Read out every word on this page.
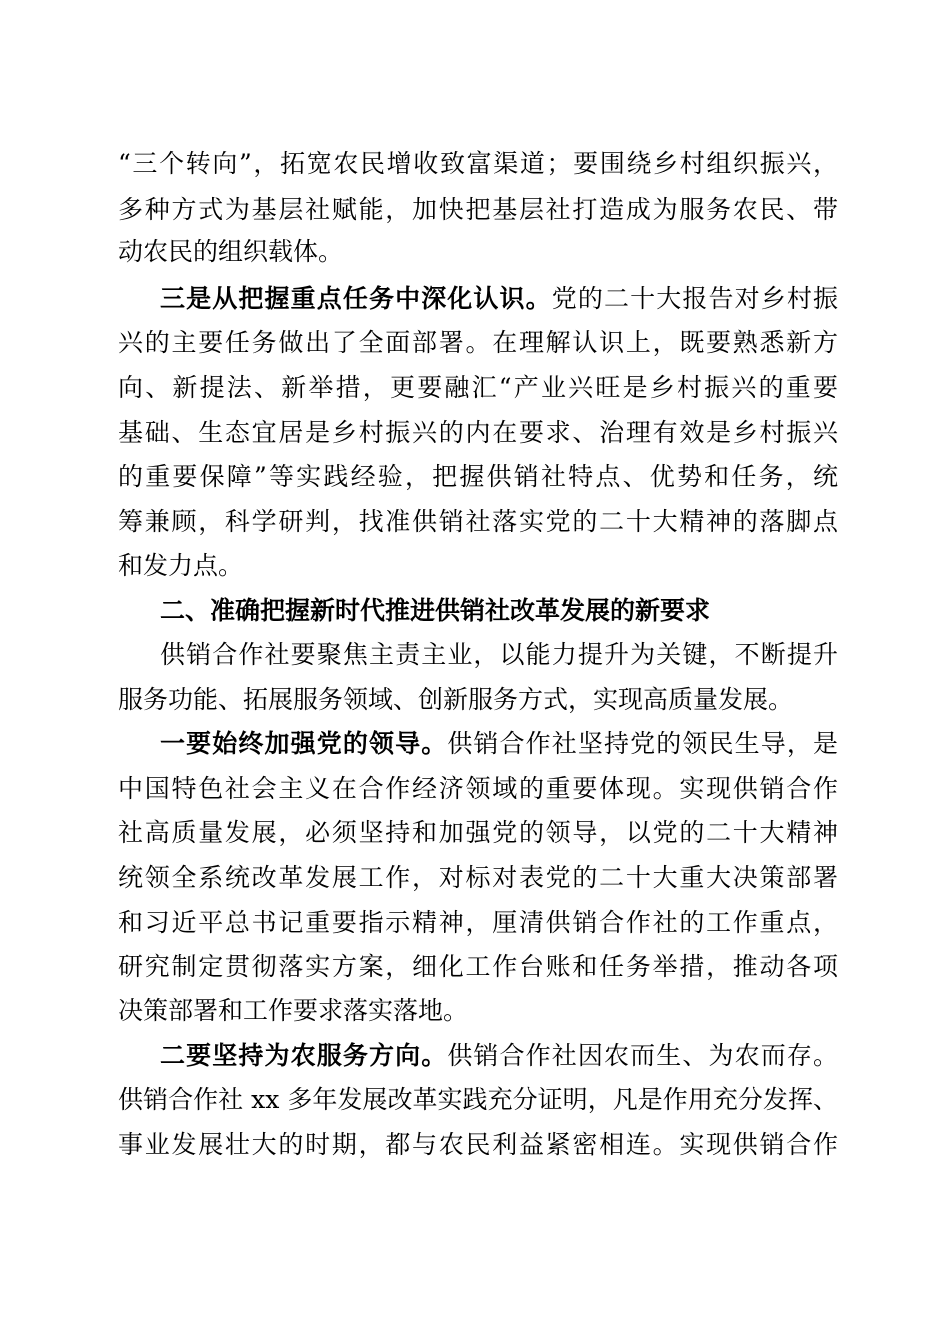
“三个转向”，拓宽农民增收致富渠道；要围绕乡村组织振兴，
多种方式为基层社赋能，加快把基层社打造成为服务农民、带
动农民的组织载体。
三是从把握重点任务中深化认识。党的二十大报告对乡村振
兴的主要任务做出了全面部署。在理解认识上，既要熟悉新方
向、新提法、新举措，更要融汇“产业兴旺是乡村振兴的重要
基础、生态宜居是乡村振兴的内在要求、治理有效是乡村振兴
的重要保障”等实践经验，把握供销社特点、优势和任务，统
筹兼顾，科学研判，找准供销社落实党的二十大精神的落脚点
和发力点。
二、准确把握新时代推进供销社改革发展的新要求
供销合作社要聚焦主责主业，以能力提升为关键，不断提升
服务功能、拓展服务领域、创新服务方式，实现高质量发展。
一要始终加强党的领导。供销合作社坚持党的领民生导，是
中国特色社会主义在合作经济领域的重要体现。实现供销合作
社高质量发展，必须坚持和加强党的领导，以党的二十大精神
统领全系统改革发展工作，对标对表党的二十大重大决策部署
和习近平总书记重要指示精神，厘清供销合作社的工作重点，
研究制定贯彻落实方案，细化工作台账和任务举措，推动各项
决策部署和工作要求落实落地。
二要坚持为农服务方向。供销合作社因农而生、为农而存。
供销合作社 xx 多年发展改革实践充分证明，凡是作用充分发挥、
事业发展壮大的时期，都与农民利益紧密相连。实现供销合作
